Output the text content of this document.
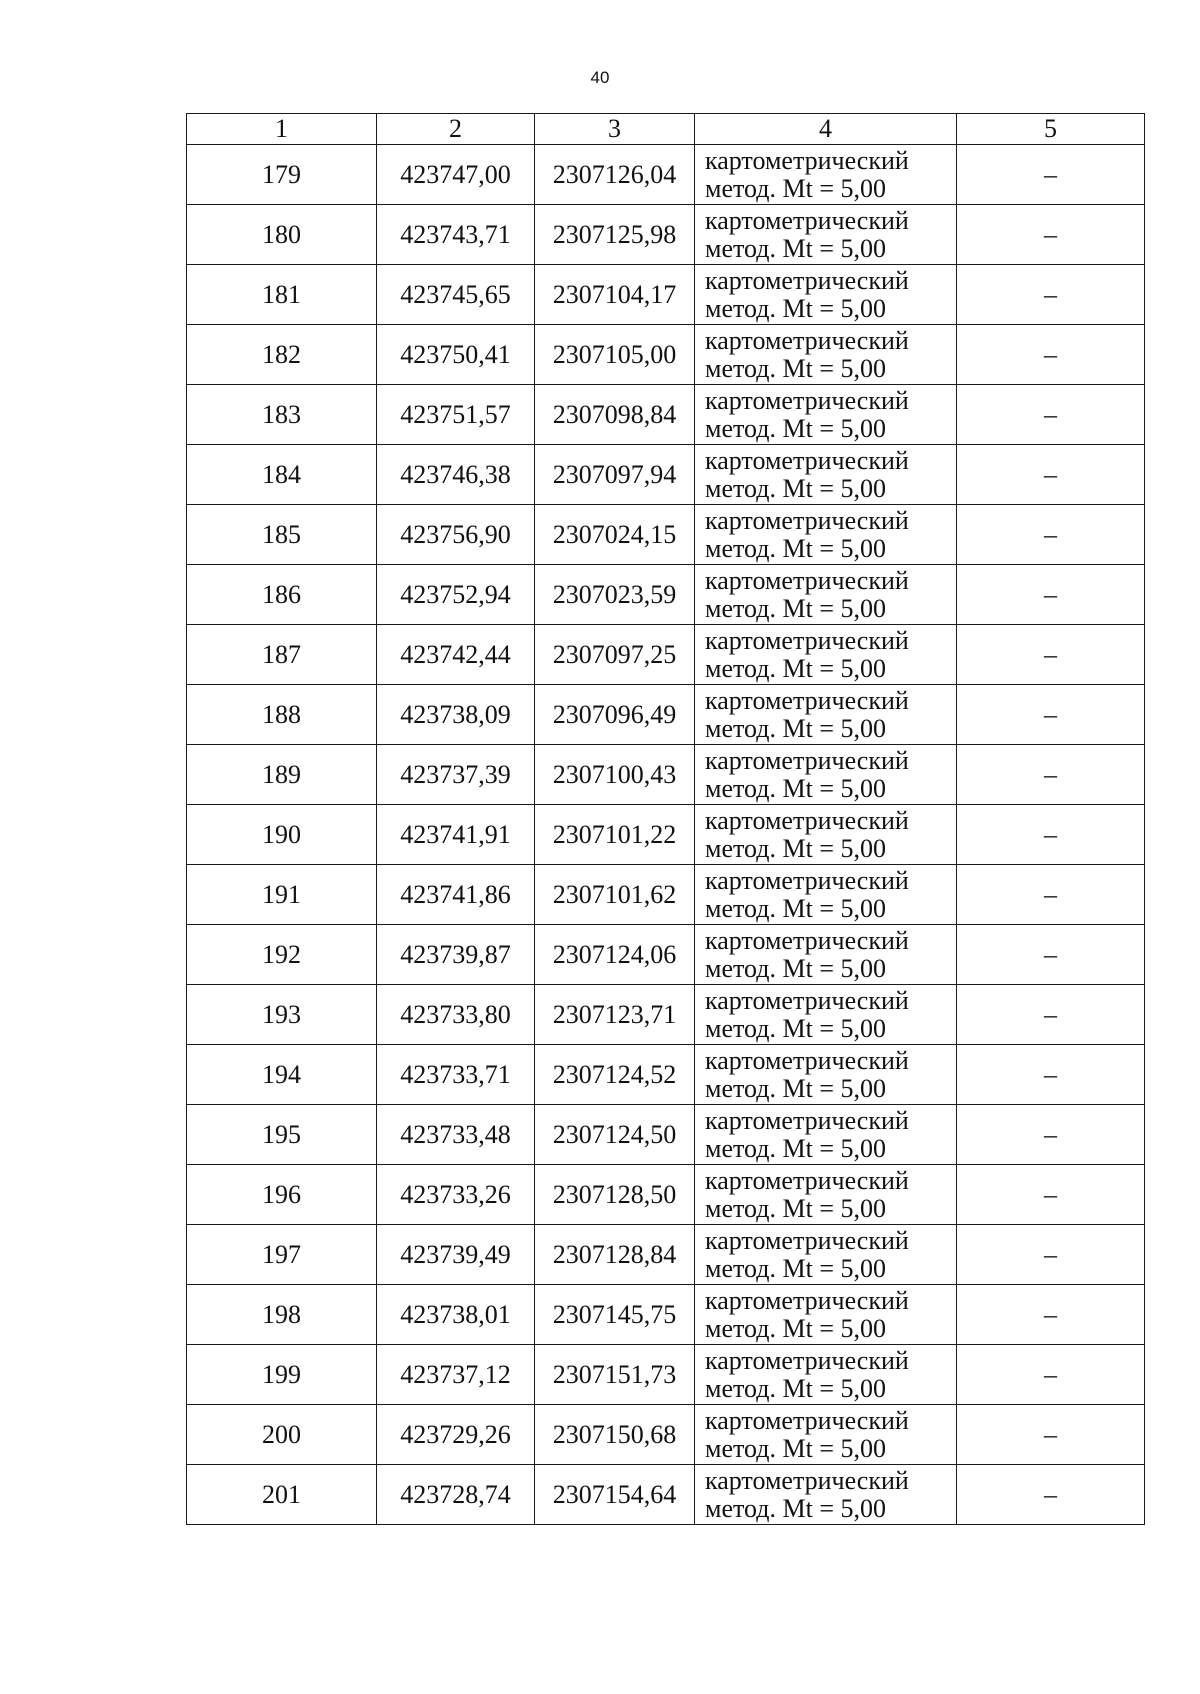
40
1	2	3	4	5
179	423747,00	2307126,04	картометрический
метод. Mt = 5,00	–
180	423743,71	2307125,98	картометрический
метод. Mt = 5,00	–
181	423745,65	2307104,17	картометрический
метод. Mt = 5,00	–
182	423750,41	2307105,00	картометрический
метод. Mt = 5,00	–
183	423751,57	2307098,84	картометрический
метод. Mt = 5,00	–
184	423746,38	2307097,94	картометрический
метод. Mt = 5,00	–
185	423756,90	2307024,15	картометрический
метод. Mt = 5,00	–
186	423752,94	2307023,59	картометрический
метод. Mt = 5,00	–
187	423742,44	2307097,25	картометрический
метод. Mt = 5,00	–
188	423738,09	2307096,49	картометрический
метод. Mt = 5,00	–
189	423737,39	2307100,43	картометрический
метод. Mt = 5,00	–
190	423741,91	2307101,22	картометрический
метод. Mt = 5,00	–
191	423741,86	2307101,62	картометрический
метод. Mt = 5,00	–
192	423739,87	2307124,06	картометрический
метод. Mt = 5,00	–
193	423733,80	2307123,71	картометрический
метод. Mt = 5,00	–
194	423733,71	2307124,52	картометрический
метод. Mt = 5,00	–
195	423733,48	2307124,50	картометрический
метод. Mt = 5,00	–
196	423733,26	2307128,50	картометрический
метод. Mt = 5,00	–
197	423739,49	2307128,84	картометрический
метод. Mt = 5,00	–
198	423738,01	2307145,75	картометрический
метод. Mt = 5,00	–
199	423737,12	2307151,73	картометрический
метод. Mt = 5,00	–
200	423729,26	2307150,68	картометрический
метод. Mt = 5,00	–
201	423728,74	2307154,64	картометрический
метод. Mt = 5,00	–
